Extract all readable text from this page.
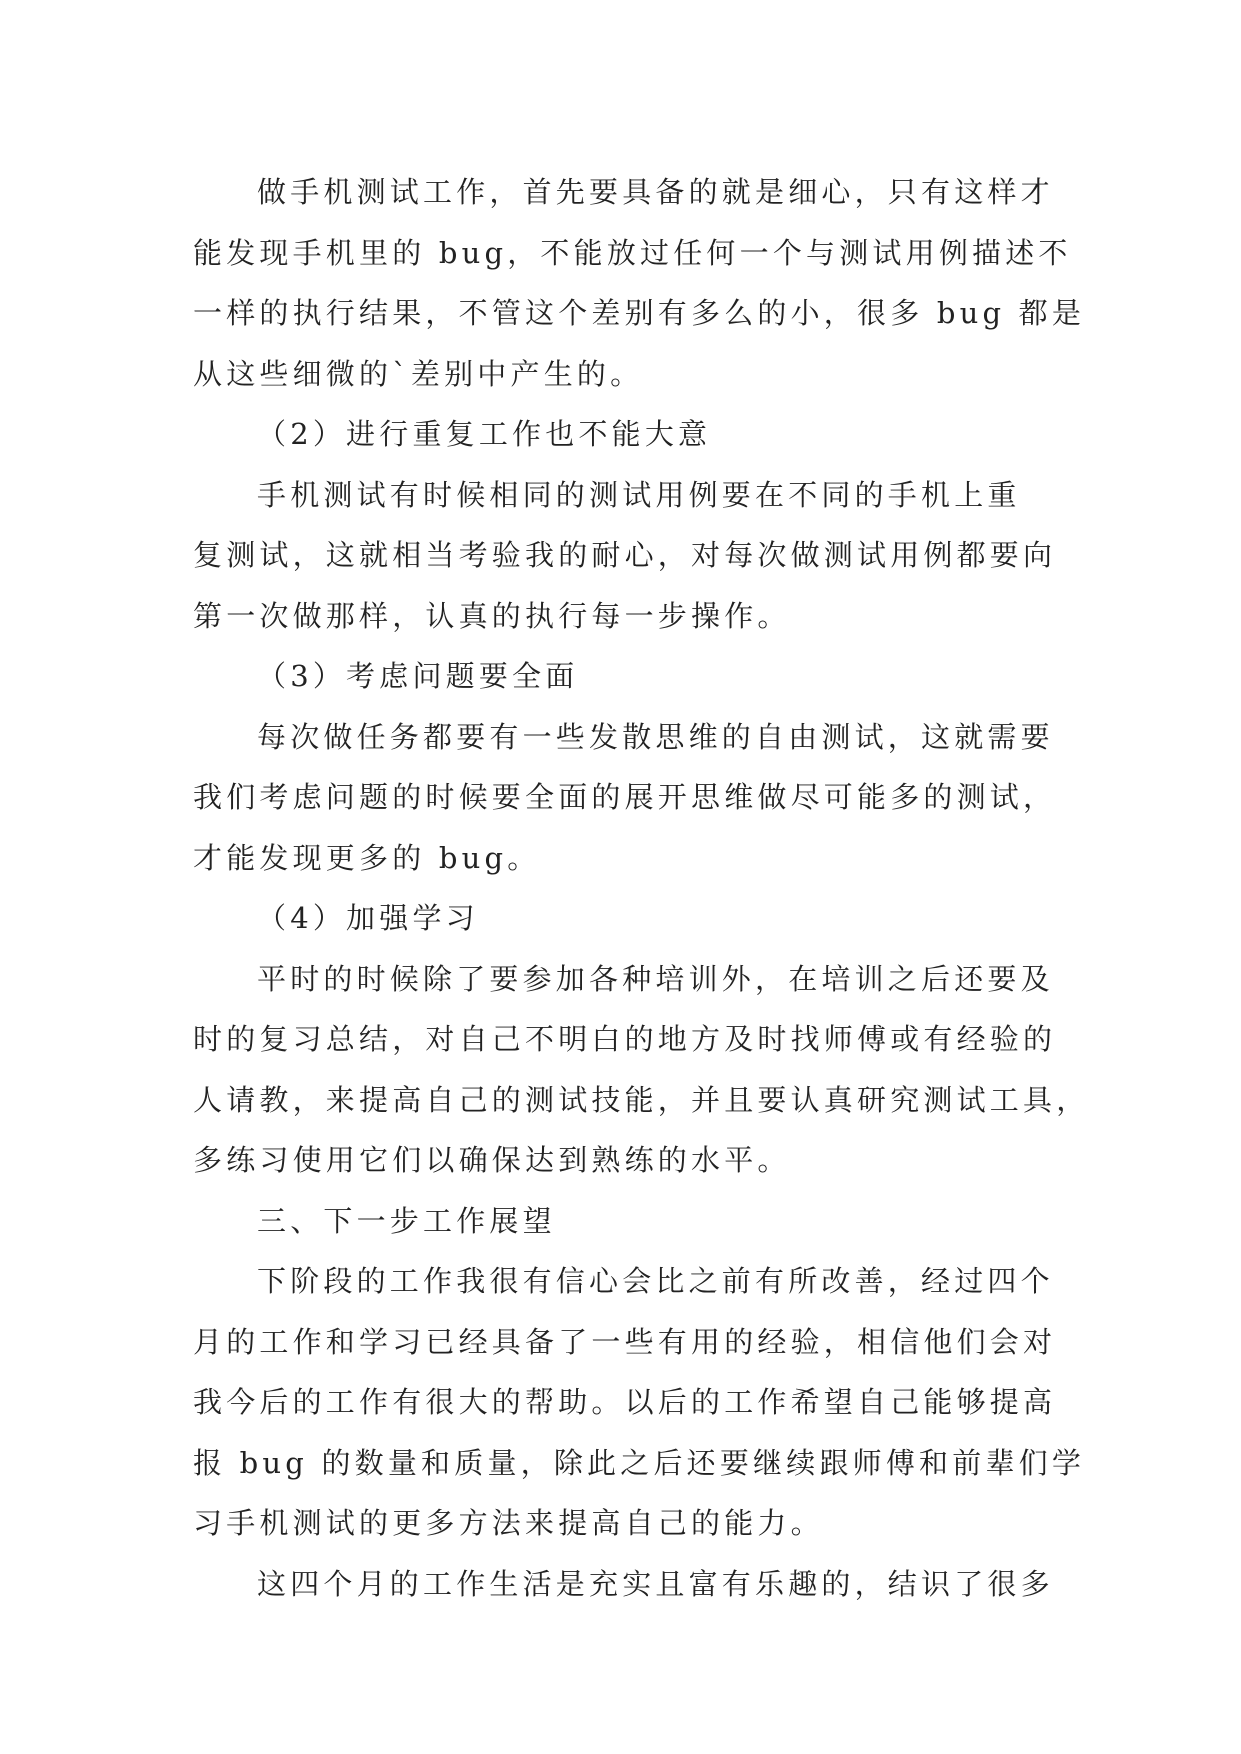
做手机测试工作，首先要具备的就是细心，只有这样才
能发现手机里的 bug，不能放过任何一个与测试用例描述不
一样的执行结果，不管这个差别有多么的小，很多 bug 都是
从这些细微的`差别中产生的。
（2）进行重复工作也不能大意
手机测试有时候相同的测试用例要在不同的手机上重
复测试，这就相当考验我的耐心，对每次做测试用例都要向
第一次做那样，认真的执行每一步操作。
（3）考虑问题要全面
每次做任务都要有一些发散思维的自由测试，这就需要
我们考虑问题的时候要全面的展开思维做尽可能多的测试，
才能发现更多的 bug。
（4）加强学习
平时的时候除了要参加各种培训外，在培训之后还要及
时的复习总结，对自己不明白的地方及时找师傅或有经验的
人请教，来提高自己的测试技能，并且要认真研究测试工具，
多练习使用它们以确保达到熟练的水平。
三、下一步工作展望
下阶段的工作我很有信心会比之前有所改善，经过四个
月的工作和学习已经具备了一些有用的经验，相信他们会对
我今后的工作有很大的帮助。以后的工作希望自己能够提高
报 bug 的数量和质量，除此之后还要继续跟师傅和前辈们学
习手机测试的更多方法来提高自己的能力。
这四个月的工作生活是充实且富有乐趣的，结识了很多
